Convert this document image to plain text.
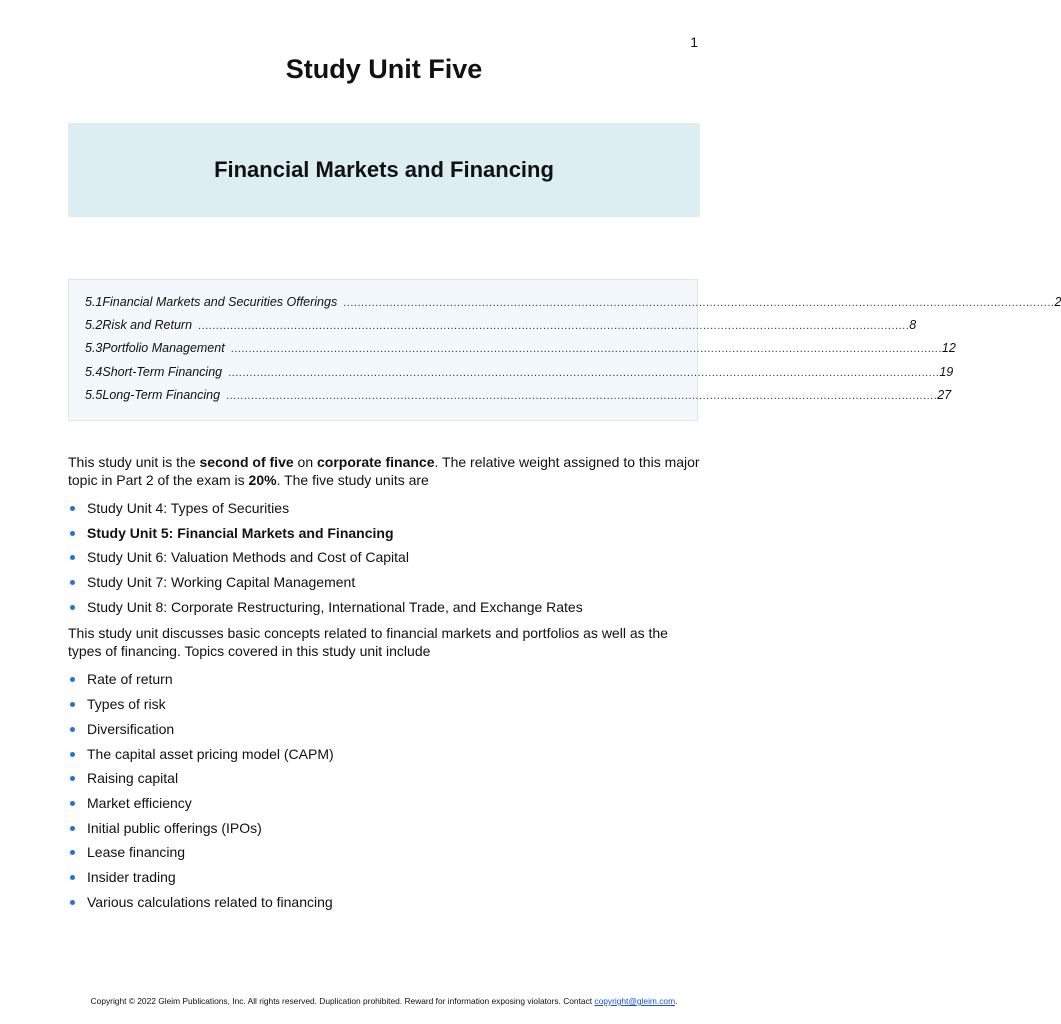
1
Study Unit Five
Financial Markets and Financing
5.1 Financial Markets and Securities Offerings ........................................................................................................................................................................................................ 2
5.2 Risk and Return ........................................................................................................................................................................................................ 8
5.3 Portfolio Management ........................................................................................................................................................................................................ 12
5.4 Short-Term Financing ........................................................................................................................................................................................................ 19
5.5 Long-Term Financing ........................................................................................................................................................................................................ 27

This study unit is the second of five on corporate finance. The relative weight assigned to this major topic in Part 2 of the exam is 20%. The five study units are

Study Unit 4: Types of Securities
Study Unit 5: Financial Markets and Financing
Study Unit 6: Valuation Methods and Cost of Capital
Study Unit 7: Working Capital Management
Study Unit 8: Corporate Restructuring, International Trade, and Exchange Rates

This study unit discusses basic concepts related to financial markets and portfolios as well as the types of financing. Topics covered in this study unit include

Rate of return
Types of risk
Diversification
The capital asset pricing model (CAPM)
Raising capital
Market efficiency
Initial public offerings (IPOs)
Lease financing
Insider trading
Various calculations related to financing
Copyright © 2022 Gleim Publications, Inc. All rights reserved. Duplication prohibited. Reward for information exposing violators. Contact copyright@gleim.com.
